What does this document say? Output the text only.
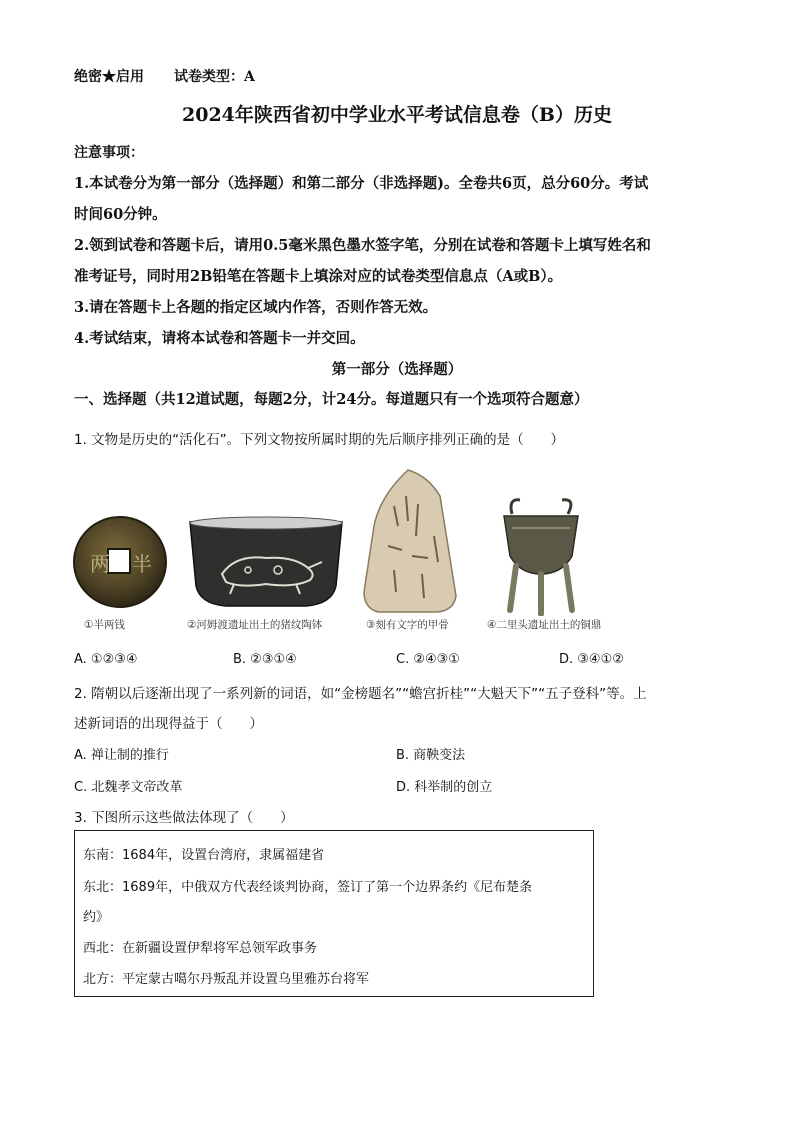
绝密★启用 试卷类型：A
2024年陕西省初中学业水平考试信息卷（B）历史
注意事项：
1.本试卷分为第一部分（选择题）和第二部分（非选择题)。全卷共6页，总分60分。考试
时间60分钟。
2.领到试卷和答题卡后，请用0.5毫米黑色墨水签字笔，分别在试卷和答题卡上填写姓名和
准考证号，同时用2B铅笔在答题卡上填涂对应的试卷类型信息点（A或B）。
3.请在答题卡上各题的指定区域内作答，否则作答无效。
4.考试结束，请将本试卷和答题卡一并交回。
第一部分（选择题）
一、选择题（共12道试题，每题2分，计24分。每道题只有一个选项符合题意）
1. 文物是历史的“活化石”。下列文物按所属时期的先后顺序排列正确的是（　　）
两 半
①半两钱	②河姆渡遗址出土的猪纹陶钵	③刻有文字的甲骨	④二里头遗址出土的铜鼎
A. ①②③④	B. ②③①④	C. ②④③①	D. ③④①②
2. 隋朝以后逐渐出现了一系列新的词语，如“金榜题名”“蟾宫折桂”“大魁天下”“五子登科”等。上
述新词语的出现得益于（　　）
A. 禅让制的推行	B. 商鞅变法
C. 北魏孝文帝改革	D. 科举制的创立
3. 下图所示这些做法体现了（　　）
东南：1684年，设置台湾府，隶属福建省
东北：1689年，中俄双方代表经谈判协商，签订了第一个边界条约《尼布楚条
约》
西北：在新疆设置伊犁将军总领军政事务
北方：平定蒙古噶尔丹叛乱并设置乌里雅苏台将军
